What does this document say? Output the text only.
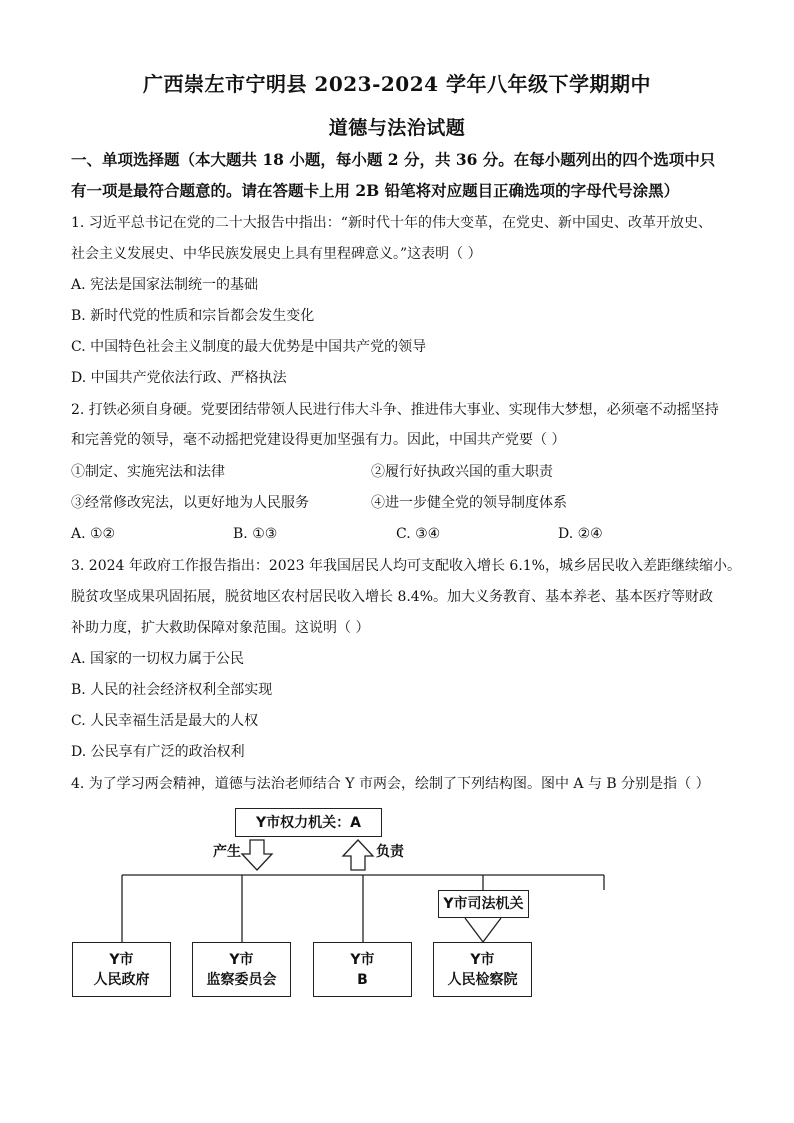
广西崇左市宁明县 2023-2024 学年八年级下学期期中
道德与法治试题
一、单项选择题（本大题共 18 小题，每小题 2 分，共 36 分。在每小题列出的四个选项中只
有一项是最符合题意的。请在答题卡上用 2B 铅笔将对应题目正确选项的字母代号涂黑）
1. 习近平总书记在党的二十大报告中指出：“新时代十年的伟大变革，在党史、新中国史、改革开放史、
社会主义发展史、中华民族发展史上具有里程碑意义。”这表明（ ）
A. 宪法是国家法制统一的基础
B. 新时代党的性质和宗旨都会发生变化
C. 中国特色社会主义制度的最大优势是中国共产党的领导
D. 中国共产党依法行政、严格执法
2. 打铁必须自身硬。党要团结带领人民进行伟大斗争、推进伟大事业、实现伟大梦想，必须毫不动摇坚持
和完善党的领导，毫不动摇把党建设得更加坚强有力。因此，中国共产党要（ ）
①制定、实施宪法和法律	②履行好执政兴国的重大职责
③经常修改宪法，以更好地为人民服务	④进一步健全党的领导制度体系
A. ①②	B. ①③	C. ③④	D. ②④
3. 2024 年政府工作报告指出：2023 年我国居民人均可支配收入增长 6.1%，城乡居民收入差距继续缩小。
脱贫攻坚成果巩固拓展，脱贫地区农村居民收入增长 8.4%。加大义务教育、基本养老、基本医疗等财政
补助力度，扩大救助保障对象范围。这说明（ ）
A. 国家的一切权力属于公民
B. 人民的社会经济权利全部实现
C. 人民幸福生活是最大的人权
D. 公民享有广泛的政治权利
4. 为了学习两会精神，道德与法治老师结合 Y 市两会，绘制了下列结构图。图中 A 与 B 分别是指（ ）
Y市权力机关：A
产生	负责
Y市司法机关
Y市
人民政府
Y市
监察委员会
Y市
B
Y市
人民检察院
